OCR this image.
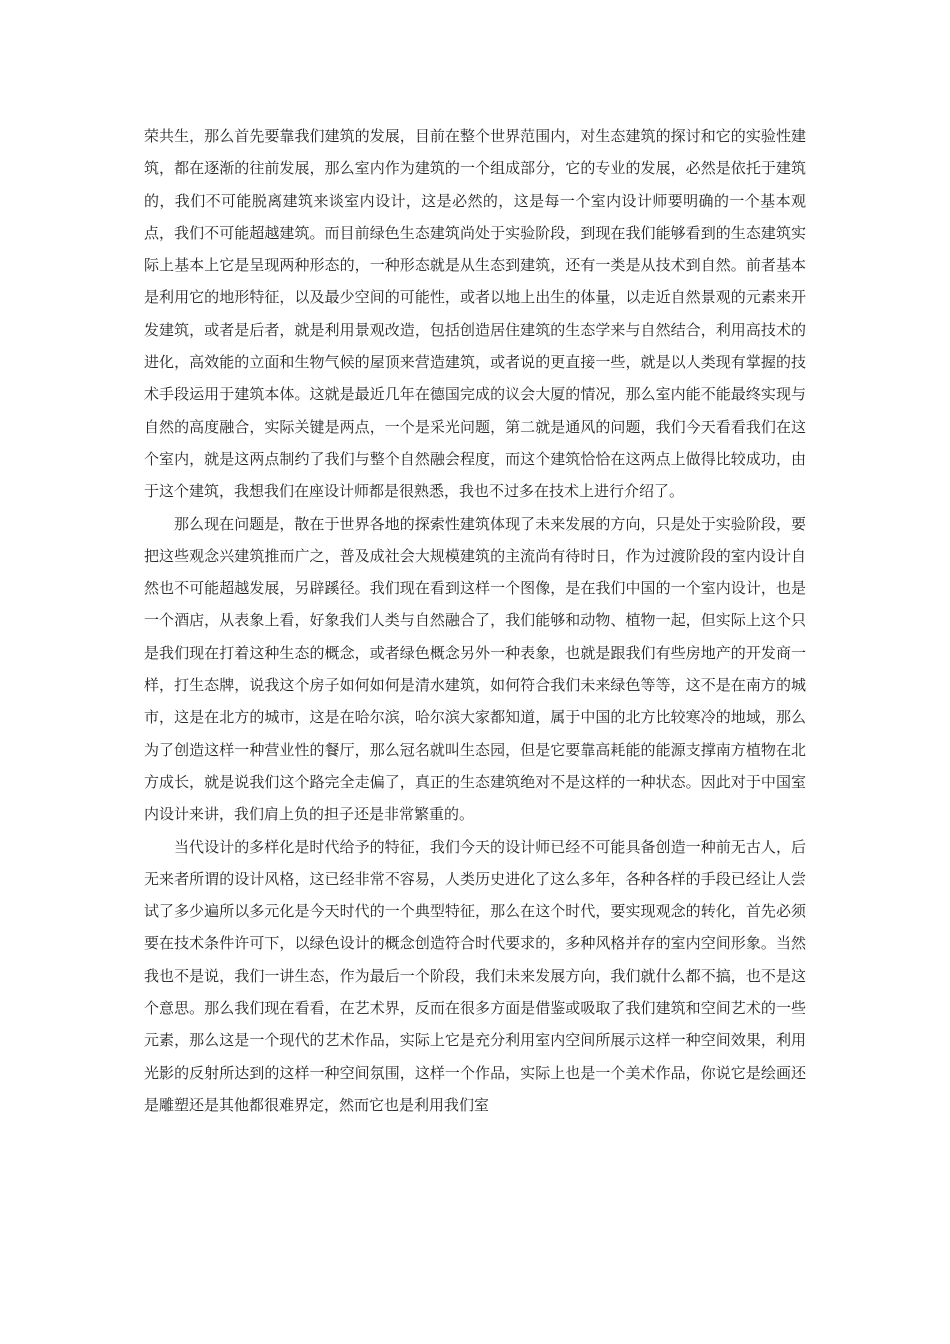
荣共生，那么首先要靠我们建筑的发展，目前在整个世界范围内，对生态建筑的探讨和它的实验性建筑，都在逐渐的往前发展，那么室内作为建筑的一个组成部分，它的专业的发展，必然是依托于建筑的，我们不可能脱离建筑来谈室内设计，这是必然的，这是每一个室内设计师要明确的一个基本观点，我们不可能超越建筑。而目前绿色生态建筑尚处于实验阶段，到现在我们能够看到的生态建筑实际上基本上它是呈现两种形态的，一种形态就是从生态到建筑，还有一类是从技术到自然。前者基本是利用它的地形特征，以及最少空间的可能性，或者以地上出生的体量，以走近自然景观的元素来开发建筑，或者是后者，就是利用景观改造，包括创造居住建筑的生态学来与自然结合，利用高技术的进化，高效能的立面和生物气候的屋顶来营造建筑，或者说的更直接一些，就是以人类现有掌握的技术手段运用于建筑本体。这就是最近几年在德国完成的议会大厦的情况，那么室内能不能最终实现与自然的高度融合，实际关键是两点，一个是采光问题，第二就是通风的问题，我们今天看看我们在这个室内，就是这两点制约了我们与整个自然融会程度，而这个建筑恰恰在这两点上做得比较成功，由于这个建筑，我想我们在座设计师都是很熟悉，我也不过多在技术上进行介绍了。

那么现在问题是，散在于世界各地的探索性建筑体现了未来发展的方向，只是处于实验阶段，要把这些观念兴建筑推而广之，普及成社会大规模建筑的主流尚有待时日，作为过渡阶段的室内设计自然也不可能超越发展，另辟蹊径。我们现在看到这样一个图像，是在我们中国的一个室内设计，也是一个酒店，从表象上看，好象我们人类与自然融合了，我们能够和动物、植物一起，但实际上这个只是我们现在打着这种生态的概念，或者绿色概念另外一种表象，也就是跟我们有些房地产的开发商一样，打生态牌，说我这个房子如何如何是清水建筑，如何符合我们未来绿色等等，这不是在南方的城市，这是在北方的城市，这是在哈尔滨，哈尔滨大家都知道，属于中国的北方比较寒冷的地域，那么为了创造这样一种营业性的餐厅，那么冠名就叫生态园，但是它要靠高耗能的能源支撑南方植物在北方成长，就是说我们这个路完全走偏了，真正的生态建筑绝对不是这样的一种状态。因此对于中国室内设计来讲，我们肩上负的担子还是非常繁重的。

当代设计的多样化是时代给予的特征，我们今天的设计师已经不可能具备创造一种前无古人，后无来者所谓的设计风格，这已经非常不容易，人类历史进化了这么多年，各种各样的手段已经让人尝试了多少遍所以多元化是今天时代的一个典型特征，那么在这个时代，要实现观念的转化，首先必须要在技术条件许可下，以绿色设计的概念创造符合时代要求的，多种风格并存的室内空间形象。当然我也不是说，我们一讲生态，作为最后一个阶段，我们未来发展方向，我们就什么都不搞，也不是这个意思。那么我们现在看看，在艺术界，反而在很多方面是借鉴或吸取了我们建筑和空间艺术的一些元素，那么这是一个现代的艺术作品，实际上它是充分利用室内空间所展示这样一种空间效果，利用光影的反射所达到的这样一种空间氛围，这样一个作品，实际上也是一个美术作品，你说它是绘画还是雕塑还是其他都很难界定，然而它也是利用我们室
